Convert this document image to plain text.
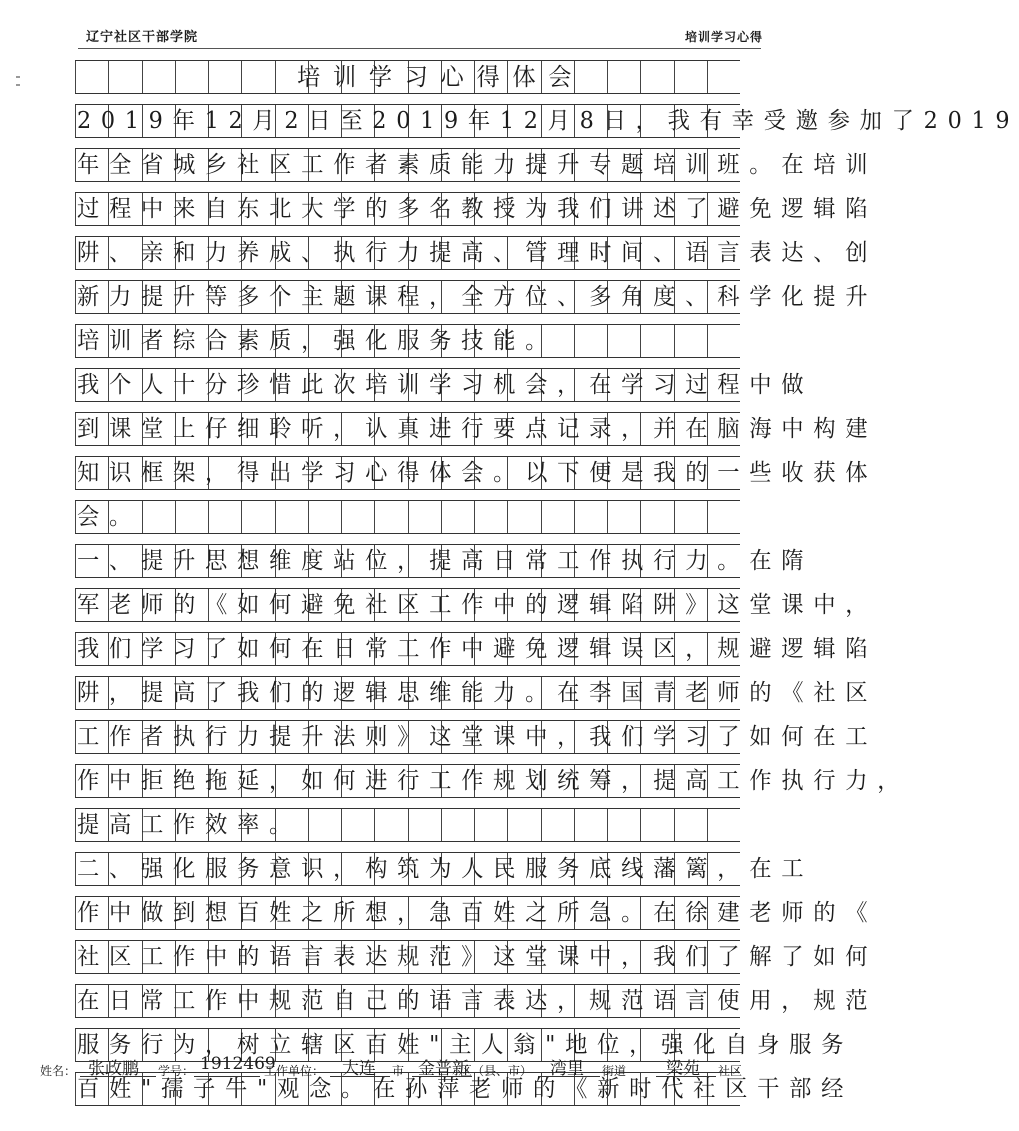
辽宁社区干部学院	培训学习心得
培训学习心得体会
2019年12月2日至2019年12月8日，我有幸受邀参加了2019
年全省城乡社区工作者素质能力提升专题培训班。在培训
过程中来自东北大学的多名教授为我们讲述了避免逻辑陷
阱、亲和力养成、执行力提高、管理时间、语言表达、创
新力提升等多个主题课程，全方位、多角度、科学化提升
培训者综合素质，强化服务技能。
我个人十分珍惜此次培训学习机会，在学习过程中做
到课堂上仔细聆听，认真进行要点记录，并在脑海中构建
知识框架，得出学习心得体会。以下便是我的一些收获体
会。
一、提升思想维度站位，提高日常工作执行力。在隋
军老师的《如何避免社区工作中的逻辑陷阱》这堂课中，
我们学习了如何在日常工作中避免逻辑误区，规避逻辑陷
阱，提高了我们的逻辑思维能力。在李国青老师的《社区
工作者执行力提升法则》这堂课中，我们学习了如何在工
作中拒绝拖延，如何进行工作规划统筹，提高工作执行力，
提高工作效率。
二、强化服务意识，构筑为人民服务底线藩篱，在工
作中做到想百姓之所想，急百姓之所急。在徐建老师的《
社区工作中的语言表达规范》这堂课中，我们了解了如何
在日常工作中规范自己的语言表达，规范语言使用，规范
服务行为，树立辖区百姓"主人翁"地位，强化自身服务
百姓"孺子牛"观念。在孙萍老师的《新时代社区干部经
姓名： 张政鹏 学号： 1912469
工作单位： 大连 市 金普新
区（县、市） 湾里 街道 梁苑 社区
